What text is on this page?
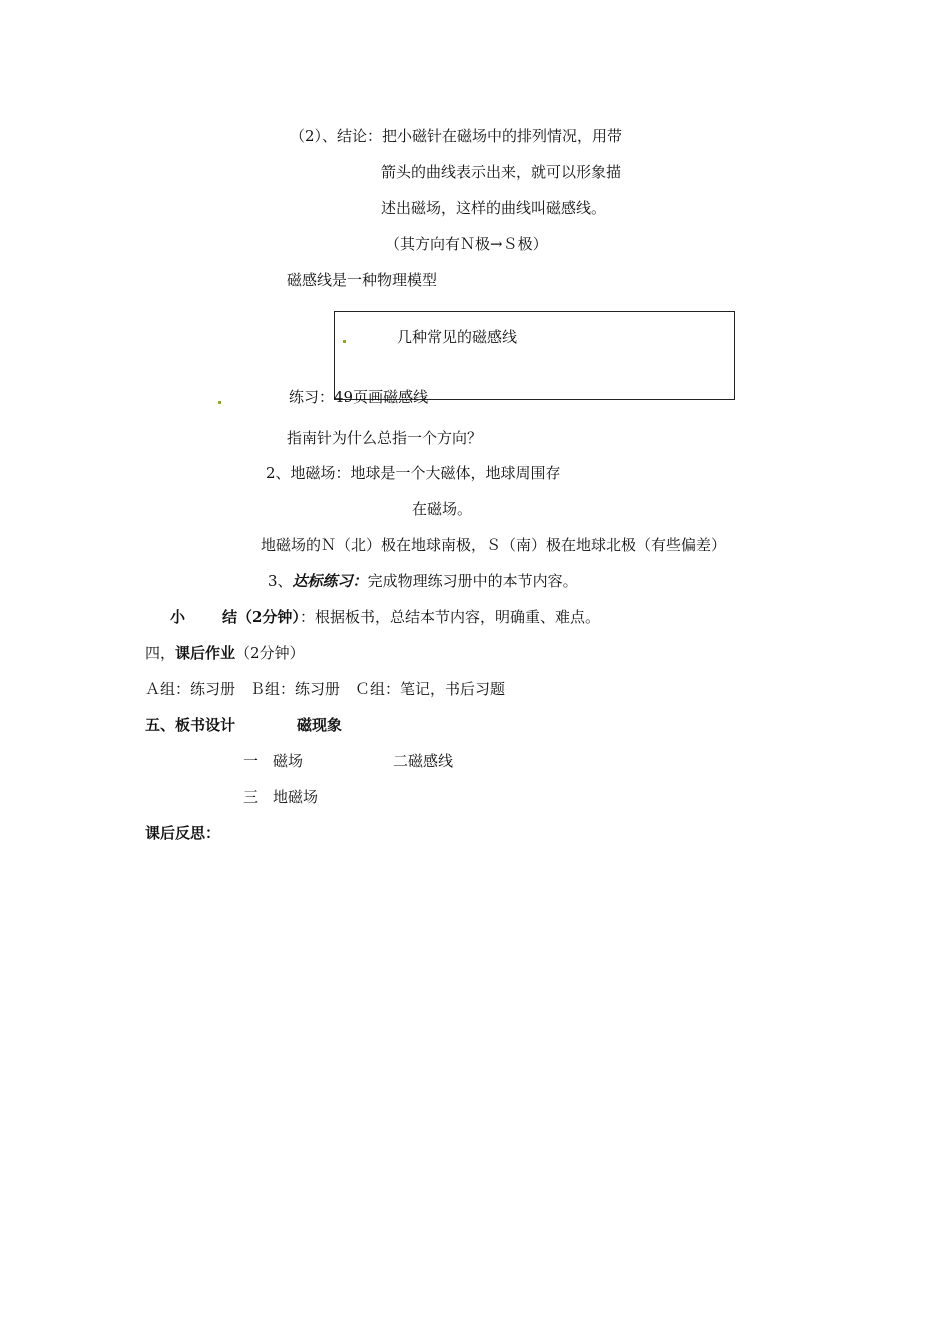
（2）、结论：把小磁针在磁场中的排列情况，用带
箭头的曲线表示出来，就可以形象描
述出磁场，这样的曲线叫磁感线。
（其方向有Ｎ极→Ｓ极）
磁感线是一种物理模型
几种常见的磁感线
练习：49页画磁感线
指南针为什么总指一个方向？
2、地磁场：地球是一个大磁体，地球周围存
在磁场。
地磁场的Ｎ（北）极在地球南极，Ｓ（南）极在地球北极（有些偏差）
3、达标练习：完成物理练习册中的本节内容。
小 结（2分钟）：根据板书，总结本节内容，明确重、难点。
四，课后作业（2分钟）
Ａ组：练习册　Ｂ组：练习册　Ｃ组：笔记，书后习题
五、板书设计	磁现象
一　磁场	二磁感线
三　地磁场
课后反思：
